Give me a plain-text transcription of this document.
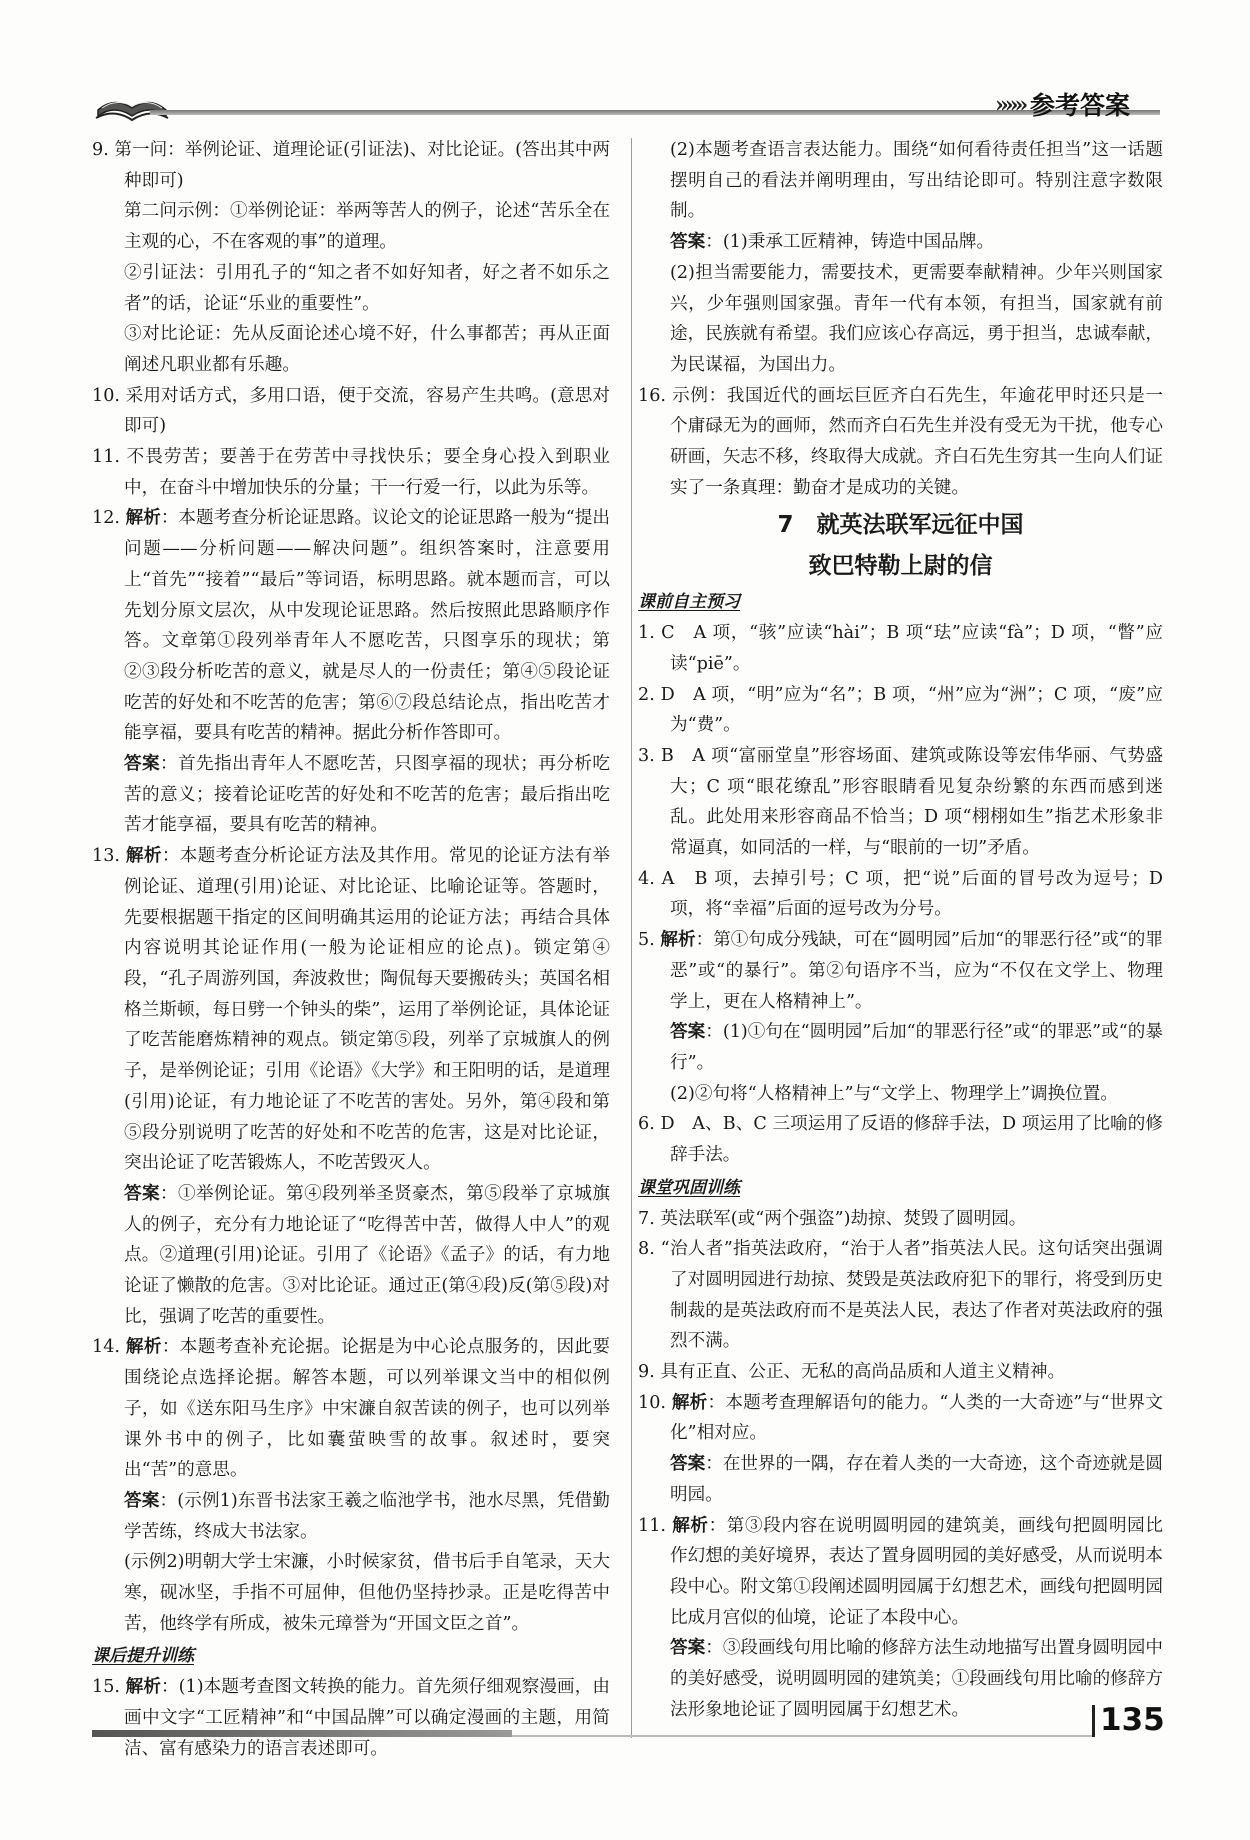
»»» 参考答案

9. 第一问：举例论证、道理论证(引证法)、对比论证。(答出其中两种即可)

第二问示例：①举例论证：举两等苦人的例子，论述“苦乐全在主观的心，不在客观的事”的道理。

②引证法：引用孔子的“知之者不如好知者，好之者不如乐之者”的话，论证“乐业的重要性”。

③对比论证：先从反面论述心境不好，什么事都苦；再从正面阐述凡职业都有乐趣。

10. 采用对话方式，多用口语，便于交流，容易产生共鸣。(意思对即可)

11. 不畏劳苦；要善于在劳苦中寻找快乐；要全身心投入到职业中，在奋斗中增加快乐的分量；干一行爱一行，以此为乐等。

12. 解析：本题考查分析论证思路。议论文的论证思路一般为“提出问题——分析问题——解决问题”。组织答案时，注意要用上“首先”“接着”“最后”等词语，标明思路。就本题而言，可以先划分原文层次，从中发现论证思路。然后按照此思路顺序作答。文章第①段列举青年人不愿吃苦，只图享乐的现状；第②③段分析吃苦的意义，就是尽人的一份责任；第④⑤段论证吃苦的好处和不吃苦的危害；第⑥⑦段总结论点，指出吃苦才能享福，要具有吃苦的精神。据此分析作答即可。

答案：首先指出青年人不愿吃苦，只图享福的现状；再分析吃苦的意义；接着论证吃苦的好处和不吃苦的危害；最后指出吃苦才能享福，要具有吃苦的精神。

13. 解析：本题考查分析论证方法及其作用。常见的论证方法有举例论证、道理(引用)论证、对比论证、比喻论证等。答题时，先要根据题干指定的区间明确其运用的论证方法；再结合具体内容说明其论证作用(一般为论证相应的论点)。锁定第④段，“孔子周游列国，奔波救世；陶侃每天要搬砖头；英国名相格兰斯顿，每日劈一个钟头的柴”，运用了举例论证，具体论证了吃苦能磨炼精神的观点。锁定第⑤段，列举了京城旗人的例子，是举例论证；引用《论语》《大学》和王阳明的话，是道理(引用)论证，有力地论证了不吃苦的害处。另外，第④段和第⑤段分别说明了吃苦的好处和不吃苦的危害，这是对比论证，突出论证了吃苦锻炼人，不吃苦毁灭人。

答案：①举例论证。第④段列举圣贤豪杰，第⑤段举了京城旗人的例子，充分有力地论证了“吃得苦中苦，做得人中人”的观点。②道理(引用)论证。引用了《论语》《孟子》的话，有力地论证了懒散的危害。③对比论证。通过正(第④段)反(第⑤段)对比，强调了吃苦的重要性。

14. 解析：本题考查补充论据。论据是为中心论点服务的，因此要围绕论点选择论据。解答本题，可以列举课文当中的相似例子，如《送东阳马生序》中宋濂自叙苦读的例子，也可以列举课外书中的例子，比如囊萤映雪的故事。叙述时，要突出“苦”的意思。

答案：(示例1)东晋书法家王羲之临池学书，池水尽黑，凭借勤学苦练，终成大书法家。

(示例2)明朝大学士宋濂，小时候家贫，借书后手自笔录，天大寒，砚冰坚，手指不可屈伸，但他仍坚持抄录。正是吃得苦中苦，他终学有所成，被朱元璋誉为“开国文臣之首”。

课后提升训练

15. 解析：(1)本题考查图文转换的能力。首先须仔细观察漫画，由画中文字“工匠精神”和“中国品牌”可以确定漫画的主题，用简洁、富有感染力的语言表述即可。

(2)本题考查语言表达能力。围绕“如何看待责任担当”这一话题摆明自己的看法并阐明理由，写出结论即可。特别注意字数限制。

答案：(1)秉承工匠精神，铸造中国品牌。

(2)担当需要能力，需要技术，更需要奉献精神。少年兴则国家兴，少年强则国家强。青年一代有本领，有担当，国家就有前途，民族就有希望。我们应该心存高远，勇于担当，忠诚奉献，为民谋福，为国出力。

16. 示例：我国近代的画坛巨匠齐白石先生，年逾花甲时还只是一个庸碌无为的画师，然而齐白石先生并没有受无为干扰，他专心研画，矢志不移，终取得大成就。齐白石先生穷其一生向人们证实了一条真理：勤奋才是成功的关键。

7　就英法联军远征中国
致巴特勒上尉的信
课前自主预习

1. C　A 项，“骇”应读“hài”；B 项“珐”应读“fà”；D 项，“瞥”应读“piē”。

2. D　A 项，“明”应为“名”；B 项，“州”应为“洲”；C 项，“废”应为“费”。

3. B　A 项“富丽堂皇”形容场面、建筑或陈设等宏伟华丽、气势盛大；C 项“眼花缭乱”形容眼睛看见复杂纷繁的东西而感到迷乱。此处用来形容商品不恰当；D 项“栩栩如生”指艺术形象非常逼真，如同活的一样，与“眼前的一切”矛盾。

4. A　B 项，去掉引号；C 项，把“说”后面的冒号改为逗号；D 项，将“幸福”后面的逗号改为分号。

5. 解析：第①句成分残缺，可在“圆明园”后加“的罪恶行径”或“的罪恶”或“的暴行”。第②句语序不当，应为“不仅在文学上、物理学上，更在人格精神上”。

答案：(1)①句在“圆明园”后加“的罪恶行径”或“的罪恶”或“的暴行”。

(2)②句将“人格精神上”与“文学上、物理学上”调换位置。

6. D　A、B、C 三项运用了反语的修辞手法，D 项运用了比喻的修辞手法。

课堂巩固训练

7. 英法联军(或“两个强盗”)劫掠、焚毁了圆明园。

8. “治人者”指英法政府，“治于人者”指英法人民。这句话突出强调了对圆明园进行劫掠、焚毁是英法政府犯下的罪行，将受到历史制裁的是英法政府而不是英法人民，表达了作者对英法政府的强烈不满。

9. 具有正直、公正、无私的高尚品质和人道主义精神。

10. 解析：本题考查理解语句的能力。“人类的一大奇迹”与“世界文化”相对应。

答案：在世界的一隅，存在着人类的一大奇迹，这个奇迹就是圆明园。

11. 解析：第③段内容在说明圆明园的建筑美，画线句把圆明园比作幻想的美好境界，表达了置身圆明园的美好感受，从而说明本段中心。附文第①段阐述圆明园属于幻想艺术，画线句把圆明园比成月宫似的仙境，论证了本段中心。

答案：③段画线句用比喻的修辞方法生动地描写出置身圆明园中的美好感受，说明圆明园的建筑美；①段画线句用比喻的修辞方法形象地论证了圆明园属于幻想艺术。	135
